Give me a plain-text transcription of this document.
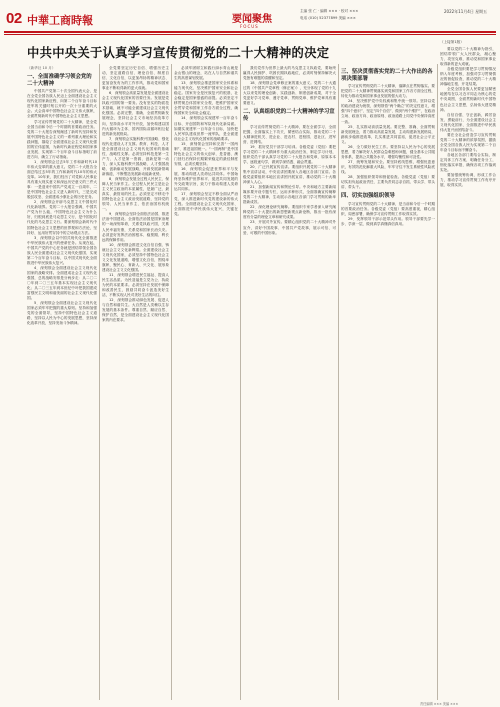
02 中華工商時報	要闻聚焦
FOCUS
主编 张 仁 · 编辑 ××× · 校对 ×××
电话 (010) 52377899 美编 ×××
2022年11月4日 星期五
中共中央关于认真学习宣传贯彻党的二十大精神的决定

（新华社 10 月）

一、全面准确学习领会党的二十大精神

中国共产党第二十次全国代表大会，是在全党全国各族人民迈上全面建设社会主义现代化国家新征程、向第二个百年奋斗目标进军的关键时刻召开的一次十分重要的大会。大会高举中国特色社会主义伟大旗帜，全面贯彻新时代中国特色社会主义思想。

学习宣传贯彻党的二十大精神，是全党全国当前和今后一个时期的首要政治任务。党的二十大报告深刻阐述了新时代坚持和发展中国特色社会主义的一系列重大理论和实践问题，描绘了全面建成社会主义现代化强国的宏伟蓝图，为新时代新征程党和国家事业发展、实现第二个百年奋斗目标指明了前进方向、确立了行动指南。

1．深刻领会过去5年工作和新时代10年伟大变革的重大意义。党的二十大报告全面总结过去5年的工作和新时代10年的伟大变革。10年来，我们经历了对党和人民事业具有重大现实意义和深远历史意义的三件大事：一是迎来中国共产党成立一百周年，二是中国特色社会主义进入新时代，三是完成脱贫攻坚、全面建成小康社会的历史任务。

2．深刻领会开辟马克思主义中国化时代化新境界。党的二十大报告强调，中国共产党为什么能，中国特色社会主义为什么好，归根到底是马克思主义行，是中国化时代化的马克思主义行。要深刻领会新时代中国特色社会主义思想的世界观和方法论，坚持好、运用好贯穿其中的立场观点方法。

3．深刻领会以中国式现代化全面推进中华民族伟大复兴的使命任务。从现在起，中国共产党的中心任务就是团结带领全国各族人民全面建成社会主义现代化强国、实现第二个百年奋斗目标，以中国式现代化全面推进中华民族伟大复兴。

4．深刻领会全面建设社会主义现代化国家的战略安排。全面建成社会主义现代化强国，总的战略安排是分两步走：从二〇二〇年到二〇三五年基本实现社会主义现代化；从二〇三五年到本世纪中叶把我国建成富强民主文明和谐美丽的社会主义现代化强国。

5．深刻领会全面建设社会主义现代化国家必须牢牢把握的重大原则。坚持和加强党的全面领导，坚持中国特色社会主义道路，坚持以人民为中心的发展思想，坚持深化改革开放，坚持发扬斗争精神。

全党要坚定历史自信、增强历史主动，坚定道路自信、理论自信、制度自信、文化自信，以更加昂扬的精神状态、更加奋发有为的工作作风，推动党和国家事业不断取得新的更大成就。

6．深刻领会高质量发展是全面建设社会主义现代化国家的首要任务。发展是党执政兴国的第一要务。没有坚实的物质技术基础，就不可能全面建成社会主义现代化强国。必须完整、准确、全面贯彻新发展理念，坚持社会主义市场经济改革方向，坚持高水平对外开放，加快构建以国内大循环为主体、国内国际双循环相互促进的新发展格局。

7．深刻领会实施科教兴国战略、强化现代化建设人才支撑。教育、科技、人才是全面建设社会主义现代化国家的基础性、战略性支撑。必须坚持科技是第一生产力、人才是第一资源、创新是第一动力，深入实施科教兴国战略、人才强国战略、创新驱动发展战略，开辟发展新领域新赛道，不断塑造发展新动能新优势。

8．深刻领会发展全过程人民民主、保障人民当家作主。全过程人民民主是社会主义民主政治的本质属性，是最广泛、最真实、最管用的民主。必须坚定不移走中国特色社会主义政治发展道路，坚持党的领导、人民当家作主、依法治国有机统一。

9．深刻领会坚持全面依法治国、推进法治中国建设。全面依法治国是国家治理的一场深刻革命，关系党执政兴国，关系人民幸福安康，关系党和国家长治久安。必须更好发挥法治固根本、稳预期、利长远的保障作用。

10．深刻领会推进文化自信自强、铸就社会主义文化新辉煌。全面建设社会主义现代化国家，必须坚持中国特色社会主义文化发展道路，增强文化自信，围绕举旗帜、聚民心、育新人、兴文化、展形象建设社会主义文化强国。

11．深刻领会增进民生福祉、提高人民生活品质。为民造福是立党为公、执政为民的本质要求。必须坚持在发展中保障和改善民生，鼓励共同奋斗创造美好生活，不断实现人民对美好生活的向往。

12．深刻领会推动绿色发展、促进人与自然和谐共生。大自然是人类赖以生存发展的基本条件。尊重自然、顺应自然、保护自然，是全面建设社会主义现代化国家的内在要求。

必须牢固树立和践行绿水青山就是金山银山的理念，站在人与自然和谐共生的高度谋划发展。

13．深刻领会推进国家安全体系和能力现代化、坚决维护国家安全和社会稳定。国家安全是民族复兴的根基，社会稳定是国家强盛的前提。必须坚定不移贯彻总体国家安全观，把维护国家安全贯穿党和国家工作各方面全过程，确保国家安全和社会稳定。

14．深刻领会实现建军一百年奋斗目标、开创国防和军队现代化新局面。如期实现建军一百年奋斗目标，加快把人民军队建成世界一流军队，是全面建设社会主义现代化国家的战略要求。

15．深刻领会坚持和完善“一国两制”、推进祖国统一。“一国两制”是中国特色社会主义的伟大创举，是香港、澳门回归后保持长期繁荣稳定的最佳制度安排，必须长期坚持。

16．深刻领会促进世界和平与发展、推动构建人类命运共同体。中国始终坚持维护世界和平、促进共同发展的外交政策宗旨，致力于推动构建人类命运共同体。

17．深刻领会坚定不移全面从严治党、深入推进新时代党的建设新的伟大工程。全面建设社会主义现代化国家、全面推进中华民族伟大复兴，关键在党。

我们党作为世界上最大的马克思主义执政党，要始终赢得人民拥护、巩固长期执政地位，必须时刻保持解决大党独有难题的清醒和坚定。

18．深刻领会党章修正案的重大意义。党的二十大通过的《中国共产党章程（修正案）》，充分体现了党的十九大以来党的理论创新、实践创新、制度创新成果，对于全党更好学习党章、遵守党章、贯彻党章、维护党章具有重要意义。

二、认真组织党的二十大精神的学习宣传

学习宣传贯彻党的二十大精神，要在全面学习、全面把握、全面落实上下功夫，紧密结合实际，推动党的二十大精神进机关、进企业、进农村、进校园、进社区、进军营、进网络。

19．抓好党员干部学习培训。各级党委（党组）要把学习党的二十大精神作为重大政治任务，制定学习计划，组织党员干部认真学习党的二十大报告和党章，原原本本学，逐段逐句学，做到学深悟透、融会贯通。

20．广泛开展宣传宣讲。要组织开展党的二十大精神集中宣讲活动，中央宣讲团要深入各地区各部门宣讲。各级党委要组织本地区宣讲团开展宣讲，推动党的二十大精神深入人心。

21．加强新闻宣传和舆论引导。中央和地方主要新闻媒体要开设专题专栏，运用多种形式，全面准确宣传阐释党的二十大精神，生动展示各地区各部门学习贯彻的新举措新成效。

22．深化理论研究阐释。要组织专家学者深入研究阐释党的二十大提出的新思想新观点新论断，推出一批有深度有分量的理论文章和研究成果。

23．开展对外宣传。要精心组织党的二十大精神对外宣介，讲好中国故事、中国共产党故事，展示可信、可爱、可敬的中国形象。

三、坚决贯彻落实党的二十大作出的各项决策部署

学习宣传贯彻党的二十大精神，落脚点在贯彻落实。要把党的二十大精神贯彻落实到党和国家工作各方面全过程，转化为推动党和国家事业发展的强大动力。

24．坚决维护党中央权威和集中统一领导。坚持以党的政治建设为统领，深刻领悟“两个确立”的决定性意义，增强“四个意识”、坚定“四个自信”、做到“两个维护”，在政治立场、政治方向、政治原则、政治道路上同党中央保持高度一致。

25．扎实推动高质量发展。要完整、准确、全面贯彻新发展理念，着力推动高质量发展，主动构建新发展格局，蹄疾步稳推进改革，扎实推进共同富裕，促进社会公平正义。

26．全力做好民生工作。要坚持以人民为中心的发展思想，着力解决好人民群众急难愁盼问题，健全基本公共服务体系，提高公共服务水平，增强均衡性和可及性。

27．统筹发展和安全。要坚持底线思维，增强忧患意识，有效防范化解重大风险，牢牢守住不发生系统性风险底线。

28．加强组织领导和督促检查。各级党委（党组）要切实担负起政治责任，主要负责同志亲自抓、带头学、带头讲、带头干。

四、切实加强组织领导

学习宣传贯彻党的二十大精神，是当前和今后一个时期的首要政治任务。各级党委（党组）要高度重视，精心组织，周密部署，确保学习宣传贯彻工作取得实效。

29．发挥领导干部示范带头作用。领导干部要先学一步、学深一层，做到真学真懂真信真用。

（上接第1版）

要以党的二十大精神为指引，团结带领广大人民群众，凝心聚力、攻坚克难，推动党和国家事业取得新的更大成就。

各级党组织要把学习贯彻情况纳入年度考核，加强对学习贯彻情况的督促检查，推动党的二十大精神落地生根、开花结果。

全党全国各族人民要更加紧密地团结在以习近平同志为核心的党中央周围，全面贯彻新时代中国特色社会主义思想，弘扬伟大建党精神。

自信自强、守正创新，踔厉奋发、勇毅前行，为全面建设社会主义现代化国家、全面推进中华民族伟大复兴而团结奋斗。

要在全社会营造学习宣传贯彻党的二十大精神的浓厚氛围，激励全党全国各族人民为实现第二个百年奋斗目标而不懈奋斗。

各地区各部门要结合实际，制定具体工作方案，明确任务分工，细化落实举措，确保各项工作落到实处。

要加强统筹协调，形成工作合力，推动学习宣传贯彻工作有序开展、取得实效。

责任编辑 ××× 美编 ×××
